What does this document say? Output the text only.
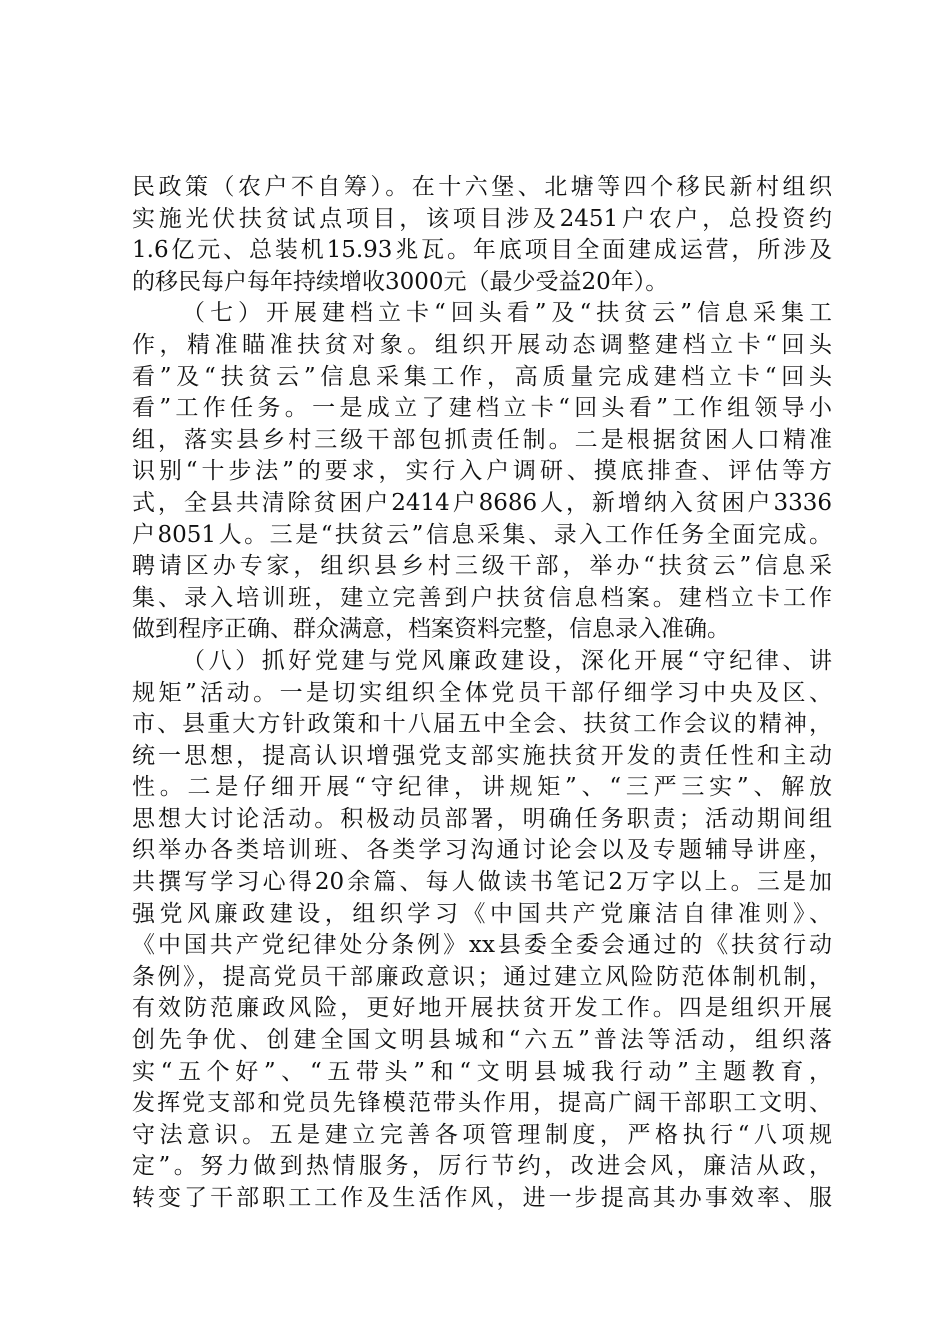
民政策（农户不自筹）。在十六堡、北塘等四个移民新村组织
实施光伏扶贫试点项目，该项目涉及2451户农户，总投资约
1.6亿元、总装机15.93兆瓦。年底项目全面建成运营，所涉及
的移民每户每年持续增收3000元（最少受益20年）。
（七）开展建档立卡“回头看”及“扶贫云”信息采集工
作，精准瞄准扶贫对象。组织开展动态调整建档立卡“回头
看”及“扶贫云”信息采集工作，高质量完成建档立卡“回头
看”工作任务。一是成立了建档立卡“回头看”工作组领导小
组，落实县乡村三级干部包抓责任制。二是根据贫困人口精准
识别“十步法”的要求，实行入户调研、摸底排查、评估等方
式，全县共清除贫困户2414户8686人，新增纳入贫困户3336
户8051人。三是“扶贫云”信息采集、录入工作任务全面完成。
聘请区办专家，组织县乡村三级干部，举办“扶贫云”信息采
集、录入培训班，建立完善到户扶贫信息档案。建档立卡工作
做到程序正确、群众满意，档案资料完整，信息录入准确。
（八）抓好党建与党风廉政建设，深化开展“守纪律、讲
规矩”活动。一是切实组织全体党员干部仔细学习中央及区、
市、县重大方针政策和十八届五中全会、扶贫工作会议的精神，
统一思想，提高认识增强党支部实施扶贫开发的责任性和主动
性。二是仔细开展“守纪律，讲规矩”、“三严三实”、解放
思想大讨论活动。积极动员部署，明确任务职责；活动期间组
织举办各类培训班、各类学习沟通讨论会以及专题辅导讲座，
共撰写学习心得20余篇、每人做读书笔记2万字以上。三是加
强党风廉政建设，组织学习《中国共产党廉洁自律准则》、
《中国共产党纪律处分条例》xx县委全委会通过的《扶贫行动
条例》，提高党员干部廉政意识；通过建立风险防范体制机制，
有效防范廉政风险，更好地开展扶贫开发工作。四是组织开展
创先争优、创建全国文明县城和“六五”普法等活动，组织落
实“五个好”、“五带头”和“文明县城我行动”主题教育，
发挥党支部和党员先锋模范带头作用，提高广阔干部职工文明、
守法意识。五是建立完善各项管理制度，严格执行“八项规
定”。努力做到热情服务，厉行节约，改进会风，廉洁从政，
转变了干部职工工作及生活作风，进一步提高其办事效率、服
